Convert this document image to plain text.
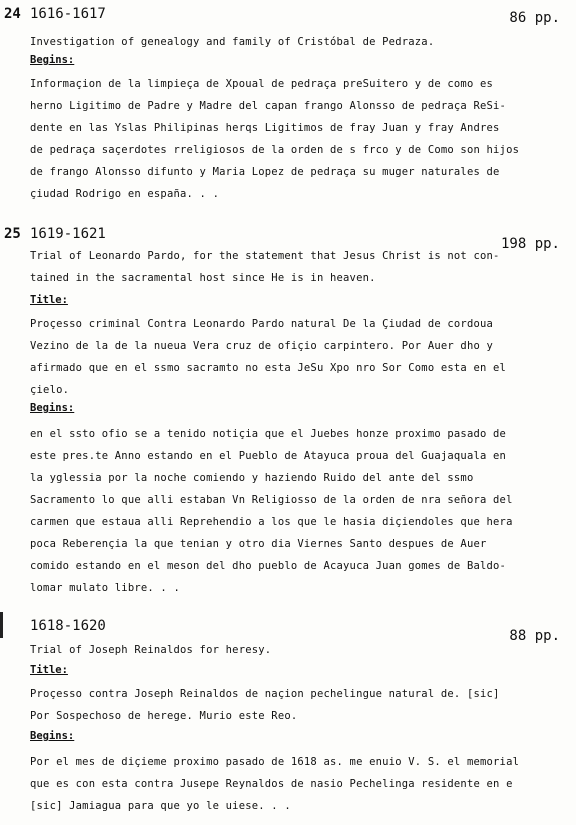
24 1616-1617	86 pp.
Investigation of genealogy and family of Cristóbal de Pedraza.
Begins:
Informaçion de la limpieça de Xpoual de pedraça preSuitero y de como es
herno Ligitimo de Padre y Madre del capan frango Alonsso de pedraça ReSi-
dente en las Yslas Philipinas herqs Ligitimos de fray Juan y fray Andres
de pedraça saçerdotes rreligiosos de la orden de s frco y de Como son hijos
de frango Alonsso difunto y Maria Lopez de pedraça su muger naturales de
çiudad Rodrigo en españa. . .
25 1619-1621
198 pp.
Trial of Leonardo Pardo, for the statement that Jesus Christ is not con-
tained in the sacramental host since He is in heaven.
Title:
Proçesso criminal Contra Leonardo Pardo natural De la Çiudad de cordoua
Vezino de la de la nueua Vera cruz de ofiçio carpintero. Por Auer dho y
afirmado que en el ssmo sacramto no esta JeSu Xpo nro Sor Como esta en el
çielo.
Begins:
en el ssto ofio se a tenido notiçia que el Juebes honze proximo pasado de
este pres.te Anno estando en el Pueblo de Atayuca proua del Guajaquala en
la yglessia por la noche comiendo y haziendo Ruido del ante del ssmo
Sacramento lo que alli estaban Vn Religiosso de la orden de nra señora del
carmen que estaua alli Reprehendio a los que le hasia diçiendoles que hera
poca Reberençia la que tenian y otro dia Viernes Santo despues de Auer
comido estando en el meson del dho pueblo de Acayuca Juan gomes de Baldo-
lomar mulato libre. . .
1618-1620
88 pp.
Trial of Joseph Reinaldos for heresy.
Title:
Proçesso contra Joseph Reinaldos de naçion pechelingue natural de. [sic]
Por Sospechoso de herege. Murio este Reo.
Begins:
Por el mes de diçieme proximo pasado de 1618 as. me enuio V. S. el memorial
que es con esta contra Jusepe Reynaldos de nasio Pechelinga residente en e
[sic] Jamiagua para que yo le uiese. . .
